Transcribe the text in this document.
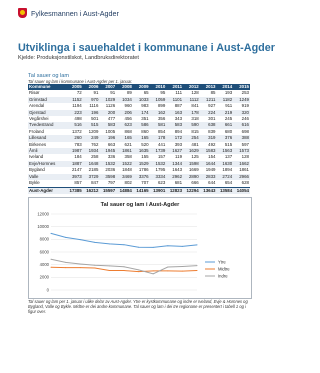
Fylkesmannen i Aust-Agder
Utviklinga i sauehaldet i kommunane i Aust-Agder
Kjelde: Produksjonstilskot, Landbruksdirektoratet
Tal sauer og lam
Tal sauer og lam i kommunane i Aust-Agder per 1. januar.
Kommune	2005	2006	2007	2008	2009	2010	2011	2012	2013	2014	2015
Risør	72	91	91	89	65	95	111	128	85	193	253
Grimstad	1152	970	1029	1034	1033	1059	1101	1112	1211	1182	1249
Arendal	1194	1116	1126	960	983	899	887	841	927	911	919
Gjerstad	223	196	200	206	174	162	163	178	224	219	320
Vegårshei	498	501	477	456	351	356	343	318	301	245	246
Tvedestrand	516	515	583	623	586	581	583	590	638	661	616
Froland	1372	1209	1005	868	860	854	894	815	839	680	698
Lillesand	260	249	196	165	165	178	172	254	319	376	388
Birkenes	783	762	663	621	520	441	393	481	492	515	597
Åmli	1987	1934	1945	1861	1635	1739	1627	1629	1583	1563	1573
Iveland	184	258	336	358	155	157	119	125	154	137	128
Evje/Hornnes	1887	1648	1532	1522	1529	1532	1344	1598	1644	1630	1662
Bygland	2147	2185	2036	1848	1786	1795	1643	1669	1949	1894	1861
Valle	3973	3729	3598	3469	3376	3334	2962	2890	2833	2724	2966
Bykle	857	847	797	802	707	623	681	666	644	654	628
Aust-Agder	17385	16212	15597	14884	14165	13901	12823	12294	13643	13584	14054
Tal sauer og lam i Aust-Agder
0
2000
4000
6000
8000
10000
12000
Ytre
Midtre
Indre
Tal sauer og lam per 1. januar i ulike delar av Aust-Agder. Ytre er kystkommunane og indre er Iveland, Evje & Hornnes og Bygland, Valle og Bykle. Midtre er dei andre kommunane. Tal sauer og lam i dei tre regionane er presentert i tabell 1 og i figur over.
